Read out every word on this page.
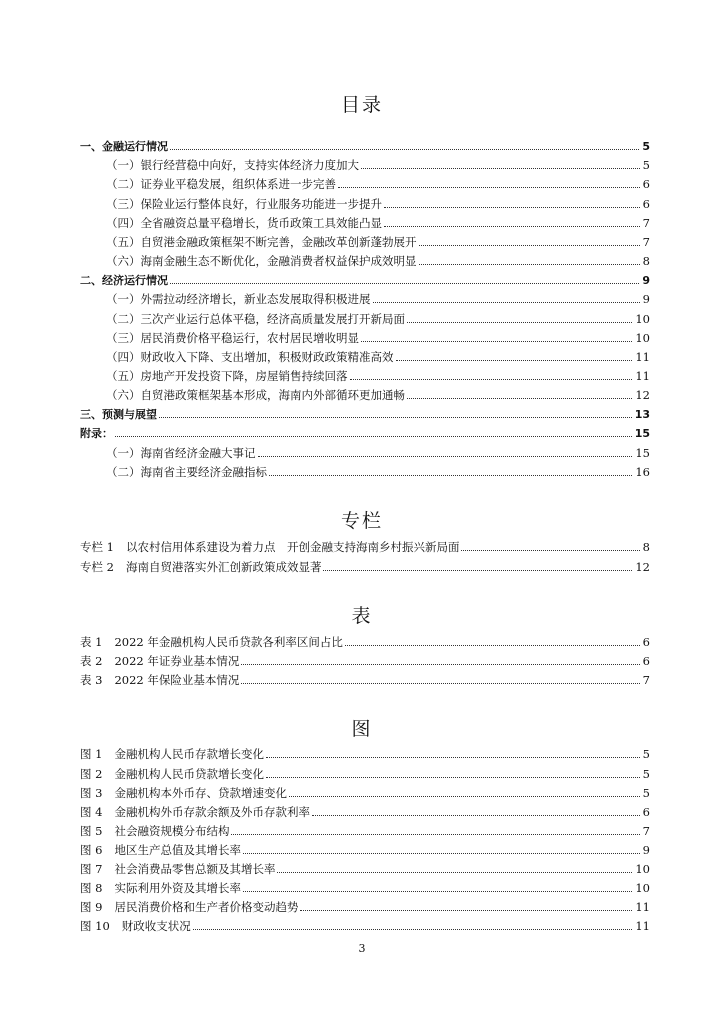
目录
一、金融运行情况	5
（一）银行经营稳中向好，支持实体经济力度加大	5
（二）证券业平稳发展，组织体系进一步完善	6
（三）保险业运行整体良好，行业服务功能进一步提升	6
（四）全省融资总量平稳增长，货币政策工具效能凸显	7
（五）自贸港金融政策框架不断完善，金融改革创新蓬勃展开	7
（六）海南金融生态不断优化，金融消费者权益保护成效明显	8
二、经济运行情况	9
（一）外需拉动经济增长，新业态发展取得积极进展	9
（二）三次产业运行总体平稳，经济高质量发展打开新局面	10
（三）居民消费价格平稳运行，农村居民增收明显	10
（四）财政收入下降、支出增加，积极财政政策精准高效	11
（五）房地产开发投资下降，房屋销售持续回落	11
（六）自贸港政策框架基本形成，海南内外部循环更加通畅	12
三、预测与展望	13
附录：	15
（一）海南省经济金融大事记	15
（二）海南省主要经济金融指标	16
专栏
专栏 1 以农村信用体系建设为着力点　开创金融支持海南乡村振兴新局面	8
专栏 2 海南自贸港落实外汇创新政策成效显著	12
表
表 1 2022 年金融机构人民币贷款各利率区间占比	6
表 2 2022 年证券业基本情况	6
表 3 2022 年保险业基本情况	7
图
图 1 金融机构人民币存款增长变化	5
图 2 金融机构人民币贷款增长变化	5
图 3 金融机构本外币存、贷款增速变化	5
图 4 金融机构外币存款余额及外币存款利率	6
图 5 社会融资规模分布结构	7
图 6 地区生产总值及其增长率	9
图 7 社会消费品零售总额及其增长率	10
图 8 实际利用外资及其增长率	10
图 9 居民消费价格和生产者价格变动趋势	11
图 10 财政收支状况	11
3
